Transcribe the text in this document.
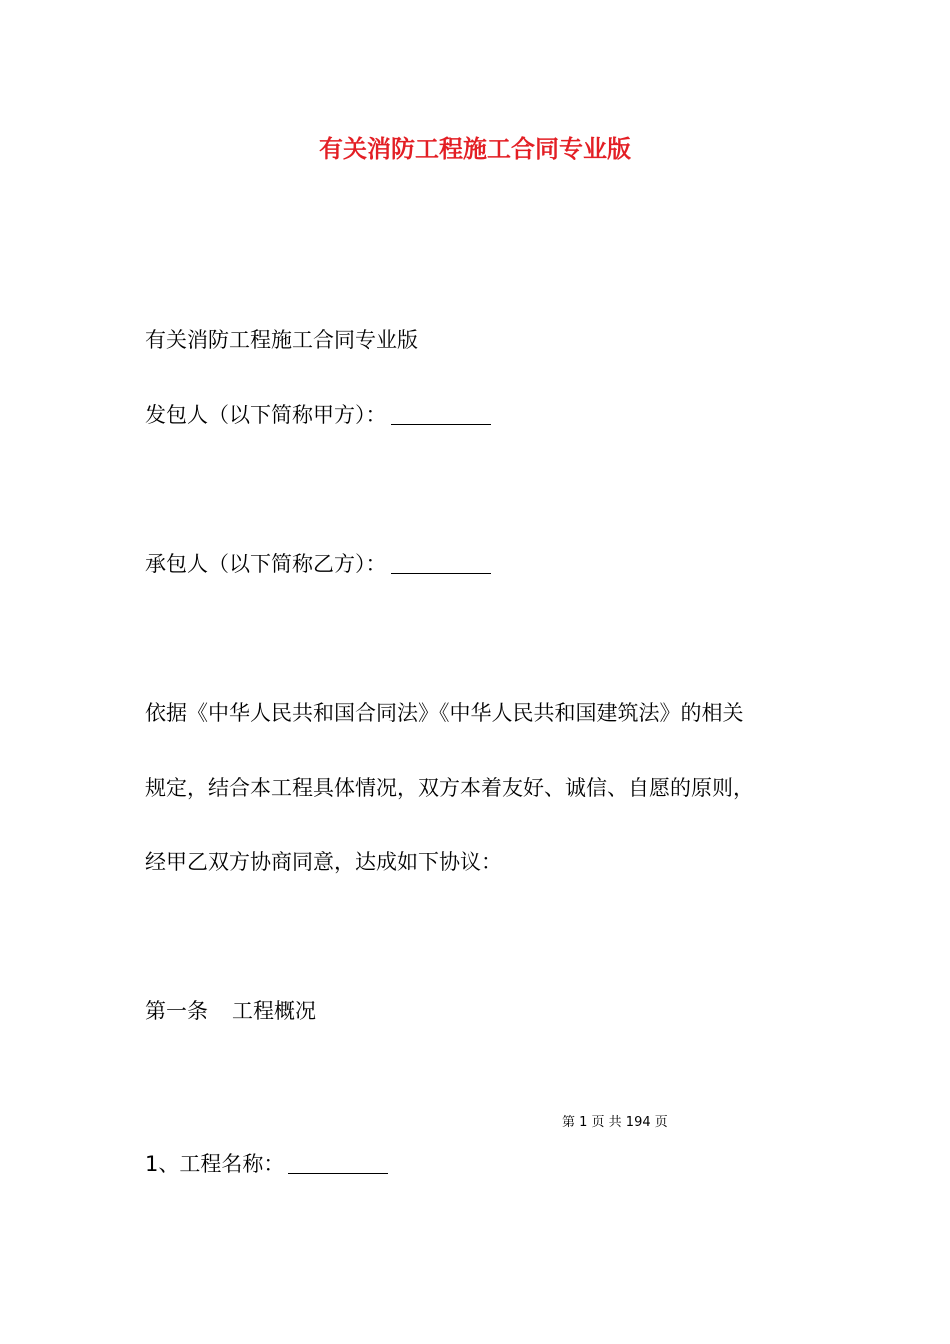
有关消防工程施工合同专业版
有关消防工程施工合同专业版
发包人（以下简称甲方）：
承包人（以下简称乙方）：
依据《中华人民共和国合同法》《中华人民共和国建筑法》的相关
规定，结合本工程具体情况，双方本着友好、诚信、自愿的原则，
经甲乙双方协商同意，达成如下协议：
第一条 工程概况
第 1 页 共 194 页
1、工程名称：
